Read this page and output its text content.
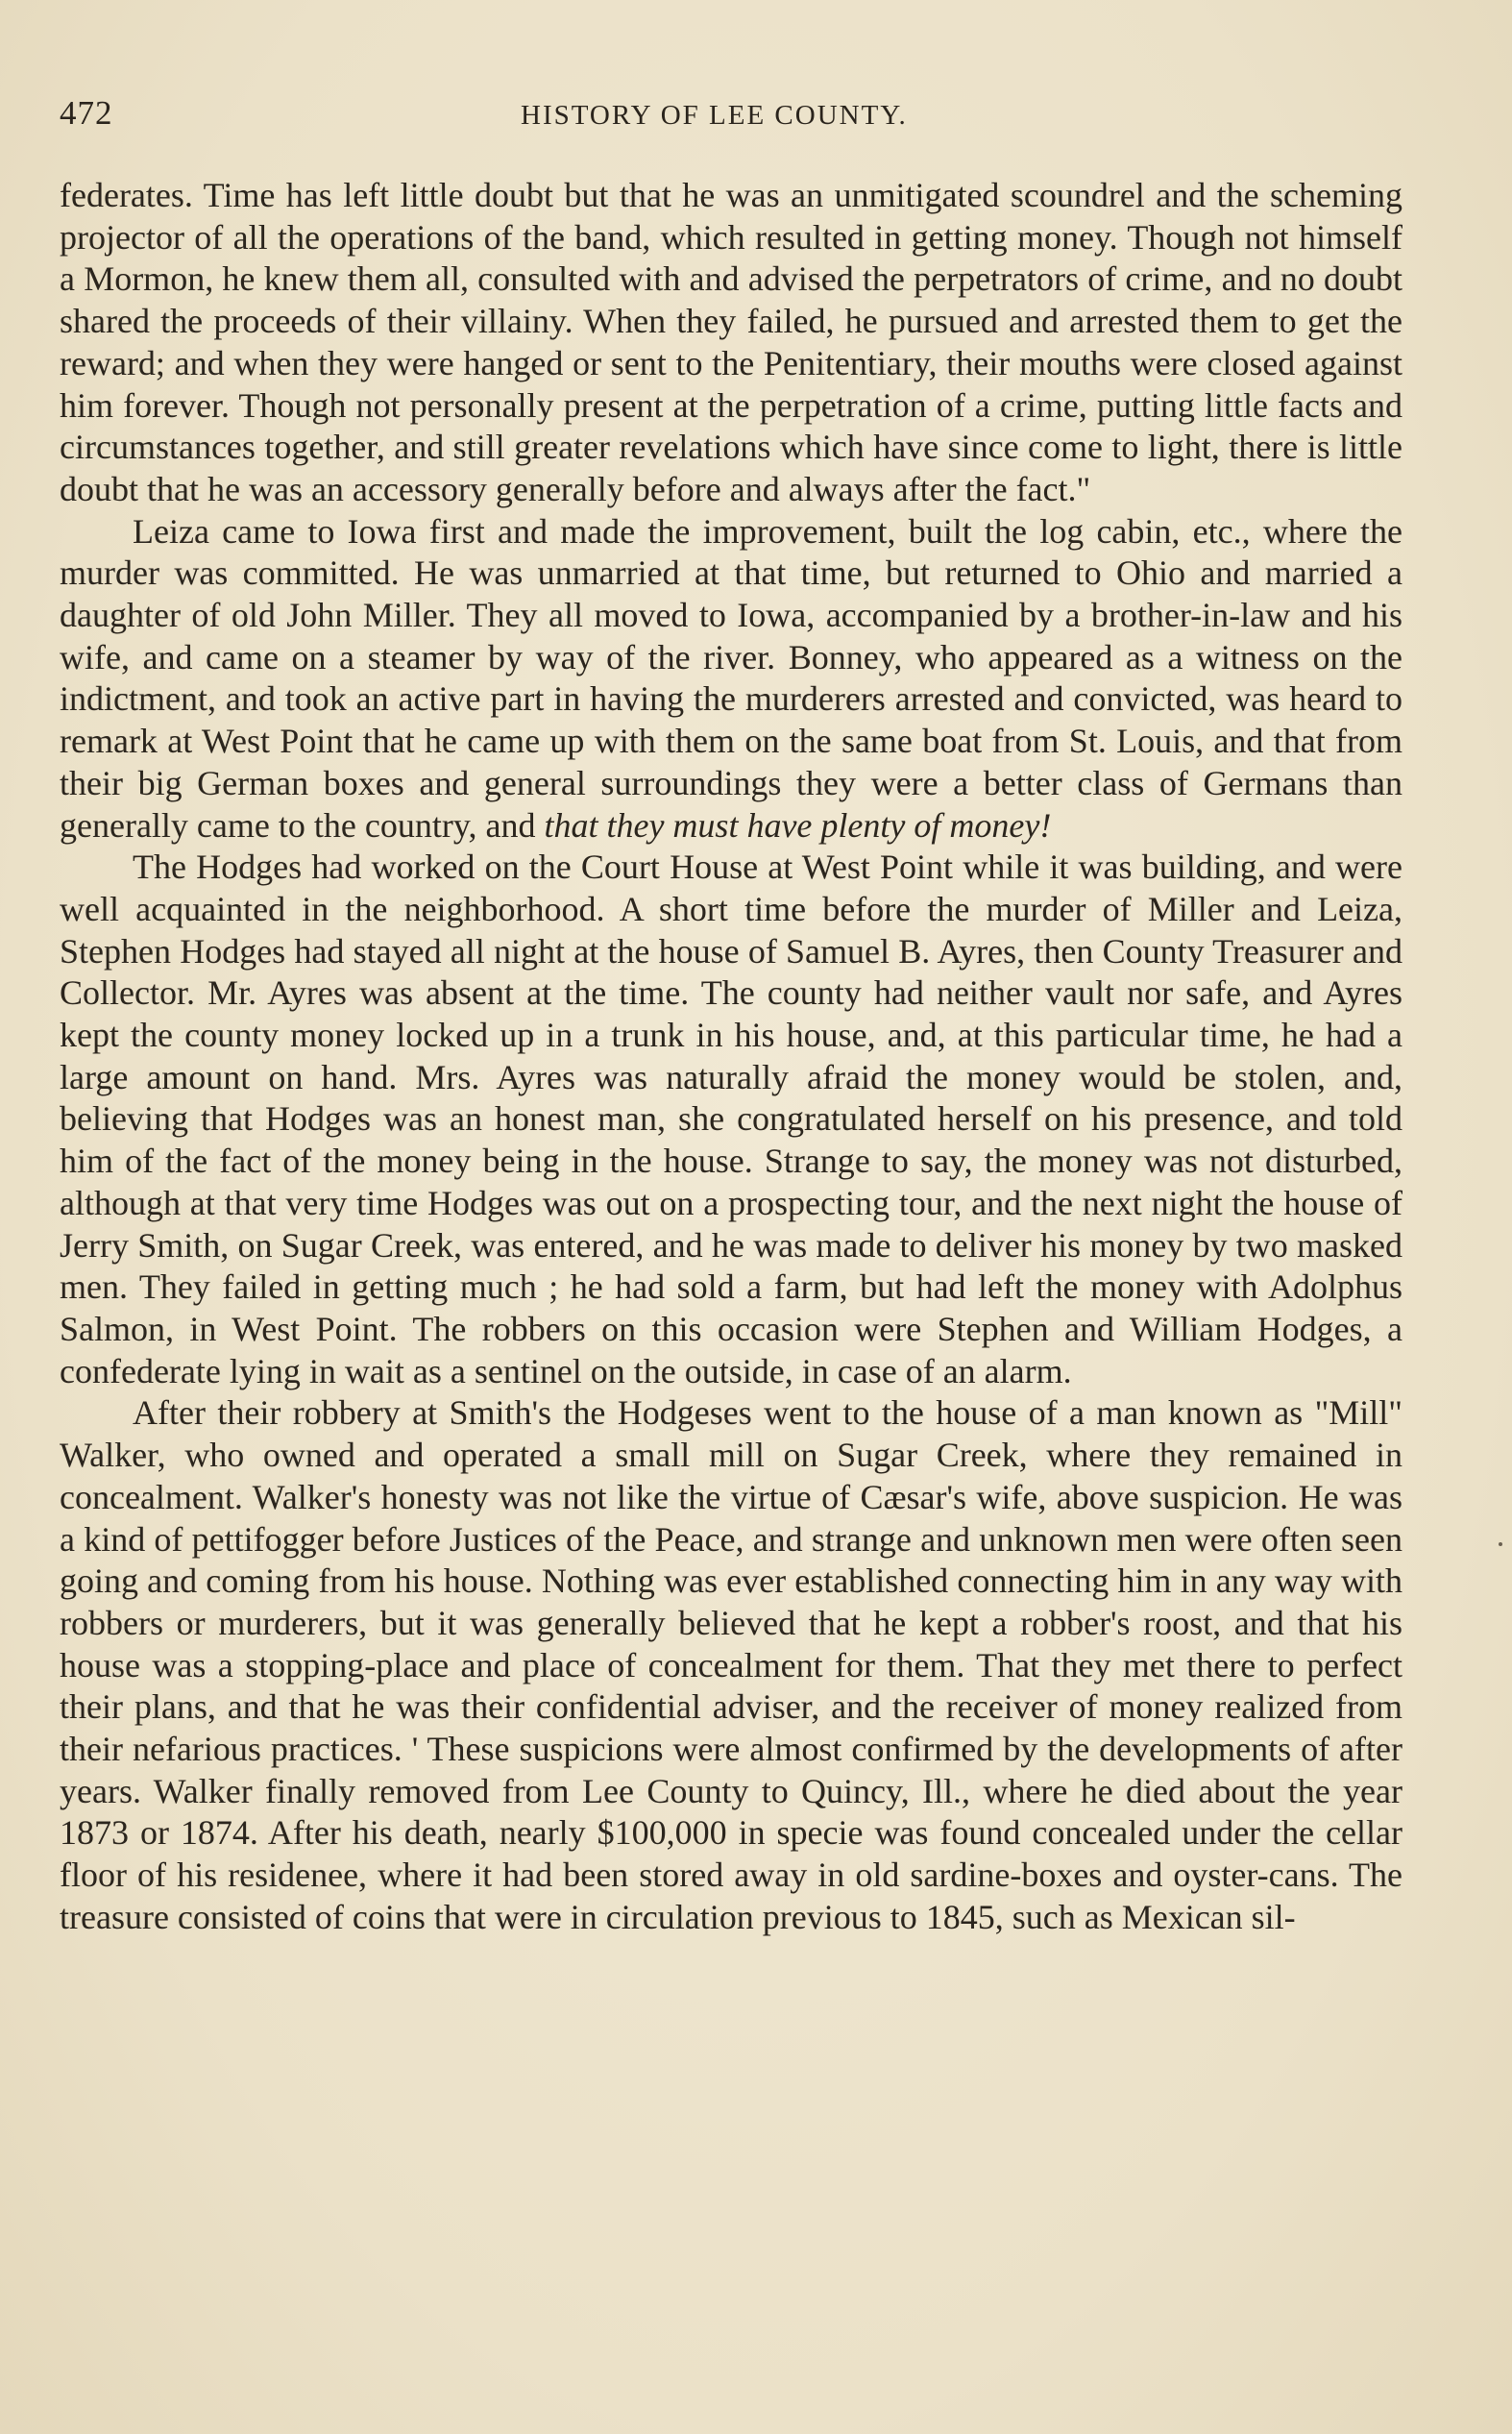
472	HISTORY OF LEE COUNTY.

federates. Time has left little doubt but that he was an unmitigated scoundrel and the scheming projector of all the operations of the band, which resulted in getting money. Though not himself a Mormon, he knew them all, consulted with and advised the perpetrators of crime, and no doubt shared the proceeds of their villainy. When they failed, he pursued and arrested them to get the reward; and when they were hanged or sent to the Penitentiary, their mouths were closed against him forever. Though not personally present at the perpetration of a crime, putting little facts and circumstances together, and still greater revelations which have since come to light, there is little doubt that he was an accessory generally before and always after the fact."

Leiza came to Iowa first and made the improvement, built the log cabin, etc., where the murder was committed. He was unmarried at that time, but returned to Ohio and married a daughter of old John Miller. They all moved to Iowa, accompanied by a brother-in-law and his wife, and came on a steamer by way of the river. Bonney, who appeared as a witness on the indictment, and took an active part in having the murderers arrested and convicted, was heard to remark at West Point that he came up with them on the same boat from St. Louis, and that from their big German boxes and general surroundings they were a better class of Germans than generally came to the country, and that they must have plenty of money!

The Hodges had worked on the Court House at West Point while it was building, and were well acquainted in the neighborhood. A short time before the murder of Miller and Leiza, Stephen Hodges had stayed all night at the house of Samuel B. Ayres, then County Treasurer and Collector. Mr. Ayres was absent at the time. The county had neither vault nor safe, and Ayres kept the county money locked up in a trunk in his house, and, at this particular time, he had a large amount on hand. Mrs. Ayres was naturally afraid the money would be stolen, and, believing that Hodges was an honest man, she congratulated herself on his presence, and told him of the fact of the money being in the house. Strange to say, the money was not disturbed, although at that very time Hodges was out on a prospecting tour, and the next night the house of Jerry Smith, on Sugar Creek, was entered, and he was made to deliver his money by two masked men. They failed in getting much ; he had sold a farm, but had left the money with Adolphus Salmon, in West Point. The robbers on this occasion were Stephen and William Hodges, a confederate lying in wait as a sentinel on the outside, in case of an alarm.

After their robbery at Smith's the Hodgeses went to the house of a man known as "Mill" Walker, who owned and operated a small mill on Sugar Creek, where they remained in concealment. Walker's honesty was not like the virtue of Cæsar's wife, above suspicion. He was a kind of pettifogger before Justices of the Peace, and strange and unknown men were often seen going and coming from his house. Nothing was ever established connecting him in any way with robbers or murderers, but it was generally believed that he kept a robber's roost, and that his house was a stopping-place and place of concealment for them. That they met there to perfect their plans, and that he was their confidential adviser, and the receiver of money realized from their nefarious practices. ' These suspicions were almost confirmed by the developments of after years. Walker finally removed from Lee County to Quincy, Ill., where he died about the year 1873 or 1874. After his death, nearly $100,000 in specie was found concealed under the cellar floor of his residenee, where it had been stored away in old sardine-boxes and oyster-cans. The treasure consisted of coins that were in circulation previous to 1845, such as Mexican sil-
